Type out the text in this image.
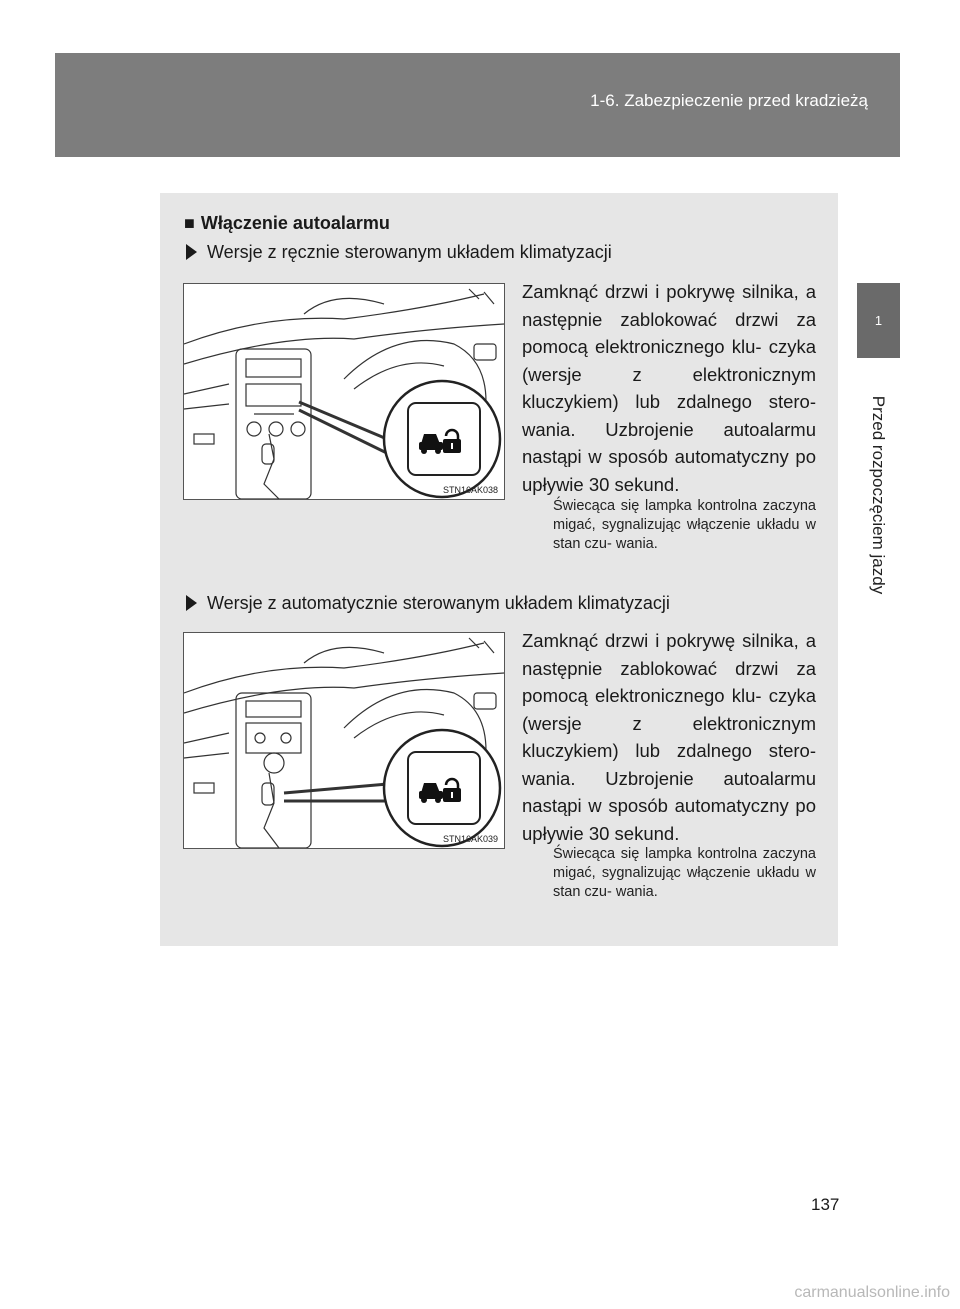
1-6. Zabezpieczenie przed kradzieżą
1
Przed rozpoczęciem jazdy
■ Włączenie autoalarmu
Wersje z ręcznie sterowanym układem klimatyzacji
STN16AK038
Zamknąć drzwi i pokrywę silnika, a następnie zablokować drzwi za pomocą elektronicznego klu- czyka (wersje z elektronicznym kluczykiem) lub zdalnego stero- wania. Uzbrojenie autoalarmu nastąpi w sposób automatyczny po upływie 30 sekund.
Świecąca się lampka kontrolna zaczyna migać, sygnalizując włączenie układu w stan czu- wania.
Wersje z automatycznie sterowanym układem klimatyzacji
STN16AK039
Zamknąć drzwi i pokrywę silnika, a następnie zablokować drzwi za pomocą elektronicznego klu- czyka (wersje z elektronicznym kluczykiem) lub zdalnego stero- wania. Uzbrojenie autoalarmu nastąpi w sposób automatyczny po upływie 30 sekund.
Świecąca się lampka kontrolna zaczyna migać, sygnalizując włączenie układu w stan czu- wania.
137
carmanualsonline.info
